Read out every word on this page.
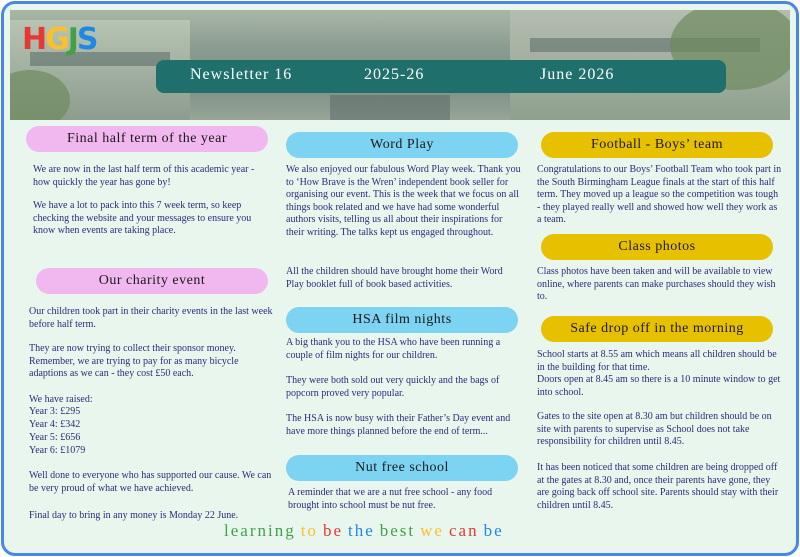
HGJS
Newsletter 16	2025-26	June 2026
Final half term of the year

We are now in the last half term of this academic year - how quickly the year has gone by!

We have a lot to pack into this 7 week term, so keep checking the website and your messages to ensure you know when events are taking place.

Our charity event

Our children took part in their charity events in the last week before half term.

They are now trying to collect their sponsor money. Remember, we are trying to pay for as many bicycle adaptions as we can - they cost £50 each.

We have raised:

Year 3: £295

Year 4: £342

Year 5: £656

Year 6: £1079

Well done to everyone who has supported our cause. We can be very proud of what we have achieved.

Final day to bring in any money is Monday 22 June.

Word Play

We also enjoyed our fabulous Word Play week. Thank you to ‘How Brave is the Wren’ independent book seller for organising our event. This is the week that we focus on all things book related and we have had some wonderful authors visits, telling us all about their inspirations for their writing. The talks kept us engaged throughout.

All the children should have brought home their Word Play booklet full of book based activities.

HSA film nights

A big thank you to the HSA who have been running a couple of film nights for our children.

They were both sold out very quickly and the bags of popcorn proved very popular.

The HSA is now busy with their Father’s Day event and have more things planned before the end of term...

Nut free school

A reminder that we are a nut free school - any food brought into school must be nut free.

Football - Boys’ team

Congratulations to our Boys’ Football Team who took part in the South Birmingham League finals at the start of this half term. They moved up a league so the competition was tough - they played really well and showed how well they work as a team.

Class photos

Class photos have been taken and will be available to view online, where parents can make purchases should they wish to.

Safe drop off in the morning

School starts at 8.55 am which means all children should be in the building for that time.
Doors open at 8.45 am so there is a 10 minute window to get into school.

Gates to the site open at 8.30 am but children should be on site with parents to supervise as School does not take responsibility for children until 8.45.

It has been noticed that some children are being dropped off at the gates at 8.30 and, once their parents have gone, they are going back off school site. Parents should stay with their children until 8.45.

learning to be the best we can be
